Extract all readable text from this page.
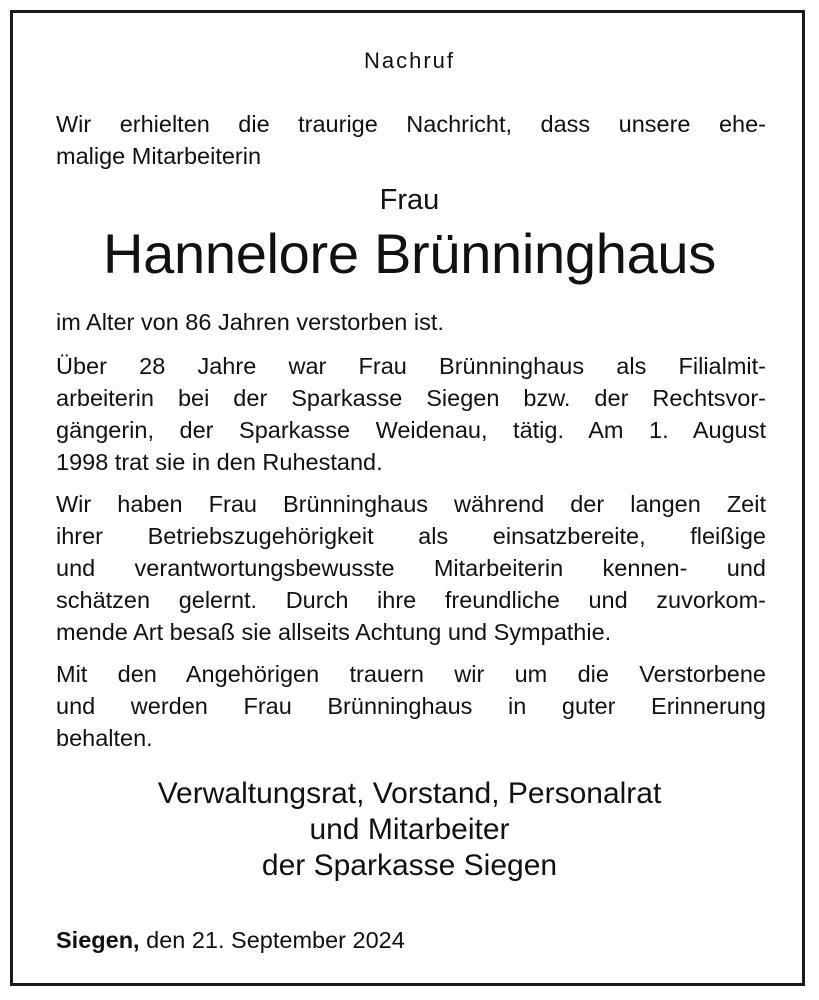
Nachruf
Wir erhielten die traurige Nachricht, dass unsere ehe-
malige Mitarbeiterin
Frau
Hannelore Brünninghaus
im Alter von 86 Jahren verstorben ist.
Über 28 Jahre war Frau Brünninghaus als Filialmit-
arbeiterin bei der Sparkasse Siegen bzw. der Rechtsvor-
gängerin, der Sparkasse Weidenau, tätig. Am 1. August
1998 trat sie in den Ruhestand.
Wir haben Frau Brünninghaus während der langen Zeit
ihrer Betriebszugehörigkeit als einsatzbereite, fleißige
und verantwortungsbewusste Mitarbeiterin kennen- und
schätzen gelernt. Durch ihre freundliche und zuvorkom-
mende Art besaß sie allseits Achtung und Sympathie.
Mit den Angehörigen trauern wir um die Verstorbene
und werden Frau Brünninghaus in guter Erinnerung
behalten.
Verwaltungsrat, Vorstand, Personalrat
und Mitarbeiter
der Sparkasse Siegen
Siegen, den 21. September 2024
